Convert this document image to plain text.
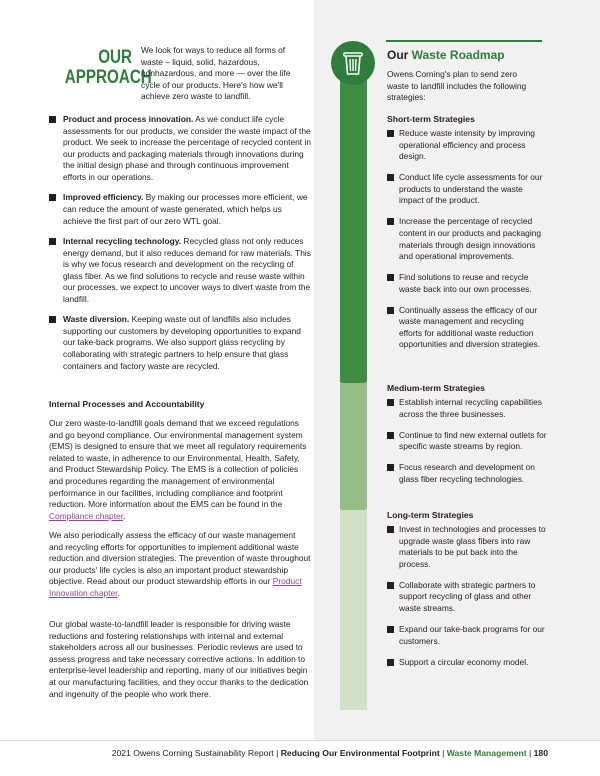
OUR
APPROACH

We look for ways to reduce all forms of waste – liquid, solid, hazardous, nonhazardous, and more — over the life cycle of our products. Here's how we'll achieve zero waste to landfill.

Product and process innovation. As we conduct life cycle assessments for our products, we consider the waste impact of the product. We seek to increase the percentage of recycled content in our products and packaging materials through innovations during the initial design phase and through continuous improvement efforts in our operations.
Improved efficiency. By making our processes more efficient, we can reduce the amount of waste generated, which helps us achieve the first part of our zero WTL goal.
Internal recycling technology. Recycled glass not only reduces energy demand, but it also reduces demand for raw materials. This is why we focus research and development on the recycling of glass fiber. As we find solutions to recycle and reuse waste within our processes, we expect to uncover ways to divert waste from the landfill.
Waste diversion. Keeping waste out of landfills also includes supporting our customers by developing opportunities to expand our take-back programs. We also support glass recycling by collaborating with strategic partners to help ensure that glass containers and factory waste are recycled.
Internal Processes and Accountability

Our zero waste-to-landfill goals demand that we exceed regulations and go beyond compliance. Our environmental management system (EMS) is designed to ensure that we meet all regulatory requirements related to waste, in adherence to our Environmental, Health, Safety, and Product Stewardship Policy. The EMS is a collection of policies and procedures regarding the management of environmental performance in our facilities, including compliance and footprint reduction. More information about the EMS can be found in the Compliance chapter.

We also periodically assess the efficacy of our waste management and recycling efforts for opportunities to implement additional waste reduction and diversion strategies. The prevention of waste throughout our products' life cycles is also an important product stewardship objective. Read about our product stewardship efforts in our Product Innovation chapter.

Our global waste-to-landfill leader is responsible for driving waste reductions and fostering relationships with internal and external stakeholders across all our businesses. Periodic reviews are used to assess progress and take necessary corrective actions. In addition to enterprise-level leadership and reporting, many of our initiatives begin at our manufacturing facilities, and they occur thanks to the dedication and ingenuity of the people who work there.

Our Waste Roadmap

Owens Corning's plan to send zero waste to landfill includes the following strategies:

Short-term Strategies
Reduce waste intensity by improving operational efficiency and process design.
Conduct life cycle assessments for our products to understand the waste impact of the product.
Increase the percentage of recycled content in our products and packaging materials through design innovations and operational improvements.
Find solutions to reuse and recycle waste back into our own processes.
Continually assess the efficacy of our waste management and recycling efforts for additional waste reduction opportunities and diversion strategies.
Medium-term Strategies
Establish internal recycling capabilities across the three businesses.
Continue to find new external outlets for specific waste streams by region.
Focus research and development on glass fiber recycling technologies.
Long-term Strategies
Invest in technologies and processes to upgrade waste glass fibers into raw materials to be put back into the process.
Collaborate with strategic partners to support recycling of glass and other waste streams.
Expand our take-back programs for our customers.
Support a circular economy model.
2021 Owens Corning Sustainability Report | Reducing Our Environmental Footprint | Waste Management | 180
